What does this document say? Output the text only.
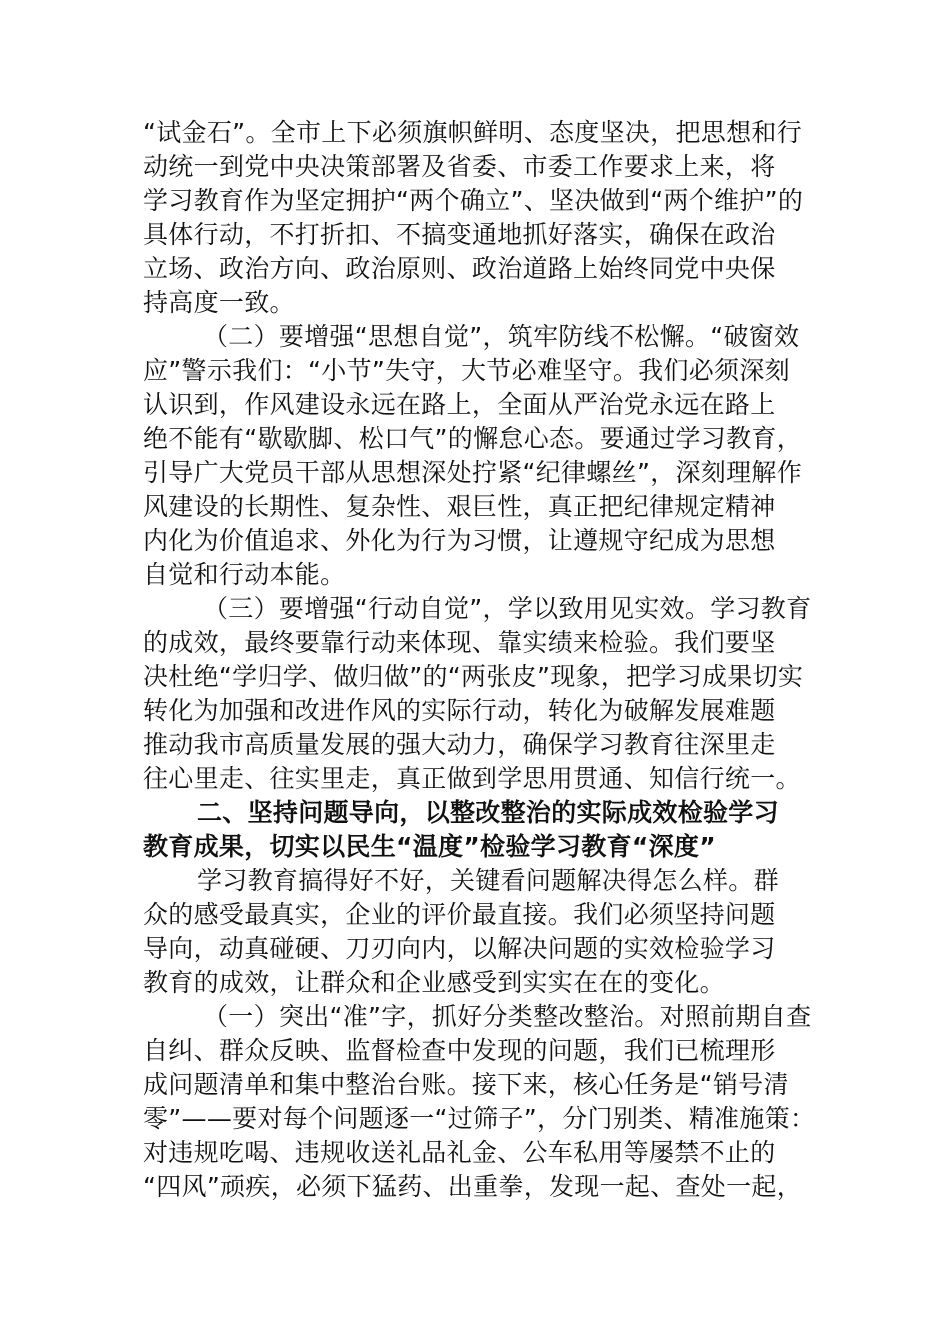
“试金石”。全市上下必须旗帜鲜明、态度坚决，把思想和行
动统一到党中央决策部署及省委、市委工作要求上来，将
学习教育作为坚定拥护“两个确立”、坚决做到“两个维护”的
具体行动，不打折扣、不搞变通地抓好落实，确保在政治
立场、政治方向、政治原则、政治道路上始终同党中央保
持高度一致。
（二）要增强“思想自觉”，筑牢防线不松懈。“破窗效
应”警示我们：“小节”失守，大节必难坚守。我们必须深刻
认识到，作风建设永远在路上，全面从严治党永远在路上
绝不能有“歇歇脚、松口气”的懈怠心态。要通过学习教育，
引导广大党员干部从思想深处拧紧“纪律螺丝”，深刻理解作
风建设的长期性、复杂性、艰巨性，真正把纪律规定精神
内化为价值追求、外化为行为习惯，让遵规守纪成为思想
自觉和行动本能。
（三）要增强“行动自觉”，学以致用见实效。学习教育
的成效，最终要靠行动来体现、靠实绩来检验。我们要坚
决杜绝“学归学、做归做”的“两张皮”现象，把学习成果切实
转化为加强和改进作风的实际行动，转化为破解发展难题
推动我市高质量发展的强大动力，确保学习教育往深里走
往心里走、往实里走，真正做到学思用贯通、知信行统一。
二、坚持问题导向，以整改整治的实际成效检验学习
教育成果，切实以民生“温度”检验学习教育“深度”
学习教育搞得好不好，关键看问题解决得怎么样。群
众的感受最真实，企业的评价最直接。我们必须坚持问题
导向，动真碰硬、刀刃向内，以解决问题的实效检验学习
教育的成效，让群众和企业感受到实实在在的变化。
（一）突出“准”字，抓好分类整改整治。对照前期自查
自纠、群众反映、监督检查中发现的问题，我们已梳理形
成问题清单和集中整治台账。接下来，核心任务是“销号清
零”——要对每个问题逐一“过筛子”，分门别类、精准施策：
对违规吃喝、违规收送礼品礼金、公车私用等屡禁不止的
“四风”顽疾，必须下猛药、出重拳，发现一起、查处一起，
